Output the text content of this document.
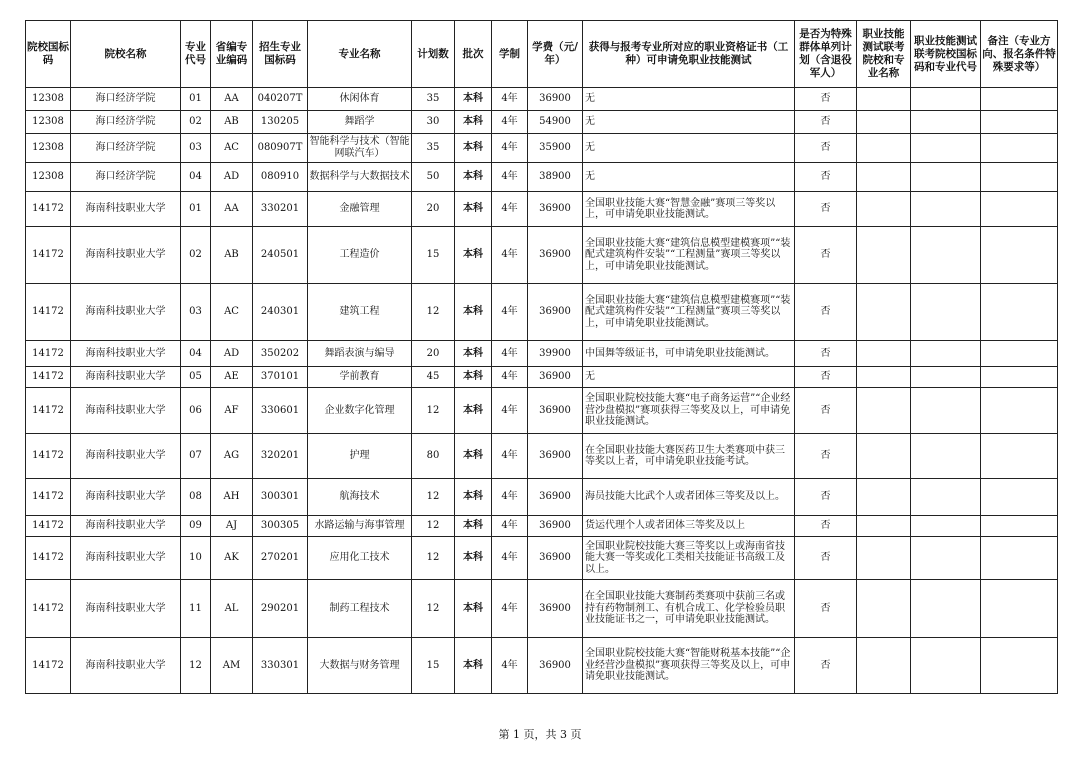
院校国标码	院校名称	专业代号	省编专业编码	招生专业国标码	专业名称	计划数	批次	学制	学费（元/年）	获得与报考专业所对应的职业资格证书（工种）可申请免职业技能测试	是否为特殊群体单列计划（含退役军人）	职业技能测试联考院校和专业名称	职业技能测试联考院校国标码和专业代号	备注（专业方向、报名条件特殊要求等）
12308	海口经济学院	01	AA	040207T	休闲体育	35	本科	4年	36900	无	否			
12308	海口经济学院	02	AB	130205	舞蹈学	30	本科	4年	54900	无	否			
12308	海口经济学院	03	AC	080907T	智能科学与技术（智能网联汽车）	35	本科	4年	35900	无	否			
12308	海口经济学院	04	AD	080910	数据科学与大数据技术	50	本科	4年	38900	无	否			
14172	海南科技职业大学	01	AA	330201	金融管理	20	本科	4年	36900	全国职业技能大赛“智慧金融”赛项三等奖以上，可申请免职业技能测试。	否			
14172	海南科技职业大学	02	AB	240501	工程造价	15	本科	4年	36900	全国职业技能大赛“建筑信息模型建模赛项”“装配式建筑构件安装”“工程测量”赛项三等奖以上，可申请免职业技能测试。	否			
14172	海南科技职业大学	03	AC	240301	建筑工程	12	本科	4年	36900	全国职业技能大赛“建筑信息模型建模赛项”“装配式建筑构件安装”“工程测量”赛项三等奖以上，可申请免职业技能测试。	否			
14172	海南科技职业大学	04	AD	350202	舞蹈表演与编导	20	本科	4年	39900	中国舞等级证书，可申请免职业技能测试。	否			
14172	海南科技职业大学	05	AE	370101	学前教育	45	本科	4年	36900	无	否			
14172	海南科技职业大学	06	AF	330601	企业数字化管理	12	本科	4年	36900	全国职业院校技能大赛“电子商务运营”“企业经营沙盘模拟”赛项获得三等奖及以上，可申请免职业技能测试。	否			
14172	海南科技职业大学	07	AG	320201	护理	80	本科	4年	36900	在全国职业技能大赛医药卫生大类赛项中获三等奖以上者，可申请免职业技能考试。	否			
14172	海南科技职业大学	08	AH	300301	航海技术	12	本科	4年	36900	海员技能大比武个人或者团体三等奖及以上。	否			
14172	海南科技职业大学	09	AJ	300305	水路运输与海事管理	12	本科	4年	36900	货运代理个人或者团体三等奖及以上	否			
14172	海南科技职业大学	10	AK	270201	应用化工技术	12	本科	4年	36900	全国职业院校技能大赛三等奖以上或海南省技能大赛一等奖或化工类相关技能证书高级工及以上。	否			
14172	海南科技职业大学	11	AL	290201	制药工程技术	12	本科	4年	36900	在全国职业技能大赛制药类赛项中获前三名或持有药物制剂工、有机合成工、化学检验员职业技能证书之一，可申请免职业技能测试。	否			
14172	海南科技职业大学	12	AM	330301	大数据与财务管理	15	本科	4年	36900	全国职业院校技能大赛“智能财税基本技能”“企业经营沙盘模拟”赛项获得三等奖及以上，可申请免职业技能测试。	否			
第 1 页，共 3 页
